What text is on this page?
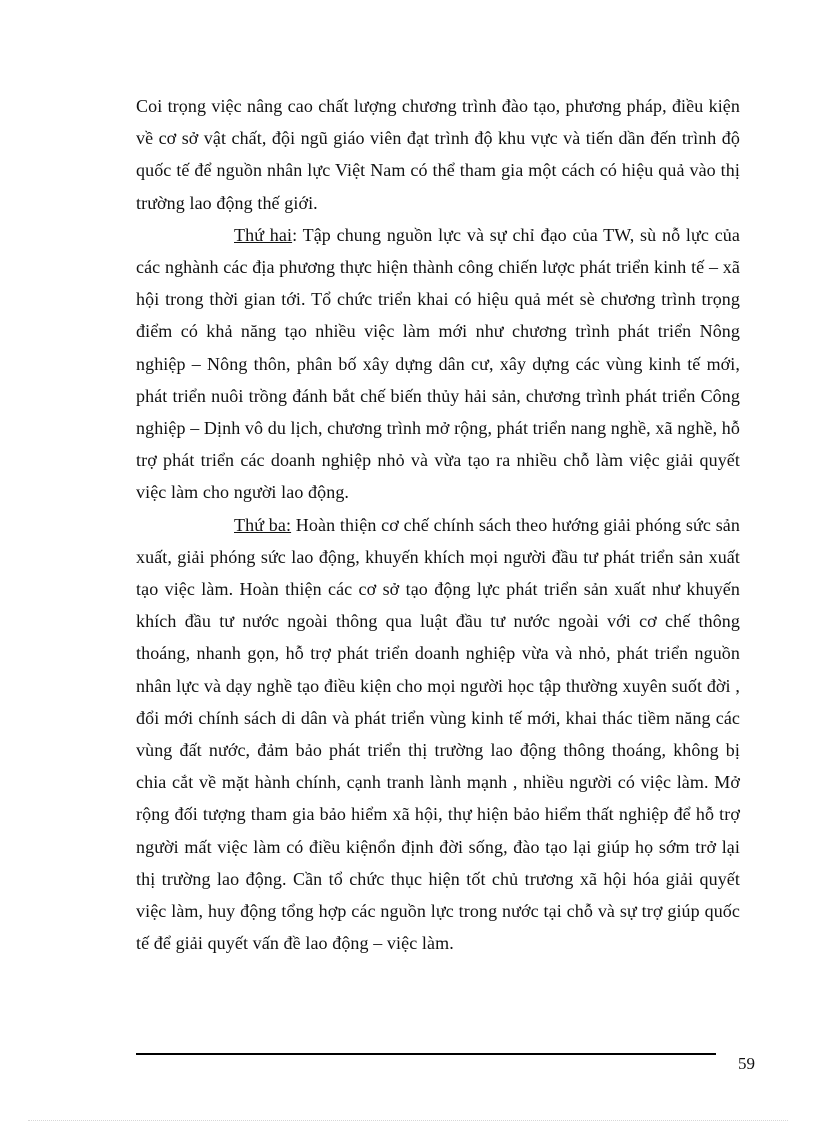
Coi trọng việc nâng cao chất lượng chương trình đào tạo, phương pháp, điều kiện về cơ sở vật chất, đội ngũ giáo viên đạt trình độ khu vực và tiến dần đến trình độ quốc tế để nguồn nhân lực Việt Nam có thể tham gia một cách có hiệu quả vào thị trường lao động thế giới.

Thứ hai: Tập chung nguồn lực và sự chỉ đạo của TW, sù nỗ lực của các nghành các địa phương thực hiện thành công chiến lược phát triển kinh tế – xã hội trong thời gian tới. Tổ chức triển khai có hiệu quả mét sè chương trình trọng điểm có khả năng tạo nhiều việc làm mới như chương trình phát triển Nông nghiệp – Nông thôn, phân bố xây dựng dân cư, xây dựng các vùng kinh tế mới, phát triển nuôi trồng đánh bắt chế biến thủy hải sản, chương trình phát triển Công nghiệp – Dịnh vô du lịch, chương trình mở rộng, phát triển nang nghề, xã nghề, hỗ trợ phát triển các doanh nghiệp nhỏ và vừa tạo ra nhiều chỗ làm việc giải quyết việc làm cho người lao động.

Thứ ba: Hoàn thiện cơ chế chính sách theo hướng giải phóng sức sản xuất, giải phóng sức lao động, khuyến khích mọi người đầu tư phát triển sản xuất tạo việc làm. Hoàn thiện các cơ sở tạo động lực phát triển sản xuất như khuyến khích đầu tư nước ngoài thông qua luật đầu tư nước ngoài với cơ chế thông thoáng, nhanh gọn, hỗ trợ phát triển doanh nghiệp vừa và nhỏ, phát triển nguồn nhân lực và dạy nghề tạo điều kiện cho mọi người học tập thường xuyên suốt đời , đổi mới chính sách di dân và phát triển vùng kinh tế mới, khai thác tiềm năng các vùng đất nước, đảm bảo phát triển thị trường lao động thông thoáng, không bị chia cắt về mặt hành chính, cạnh tranh lành mạnh , nhiều người có việc làm. Mở rộng đối tượng tham gia bảo hiểm xã hội, thự hiện bảo hiểm thất nghiệp để hỗ trợ người mất việc làm có điều kiệnổn định đời sống, đào tạo lại giúp họ sớm trở lại thị trường lao động. Cần tổ chức thục hiện tốt chủ trương xã hội hóa giải quyết việc làm, huy động tổng hợp các nguồn lực trong nước tại chỗ và sự trợ giúp quốc tế để giải quyết vấn đề lao động – việc làm.

59
